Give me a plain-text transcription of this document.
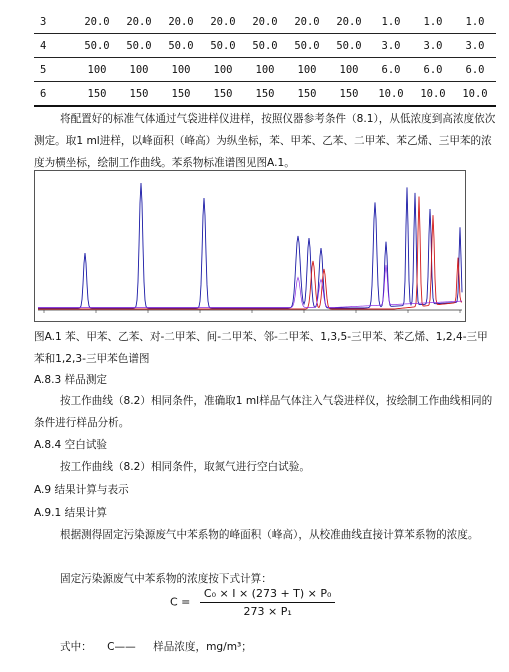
3	20.0	20.0	20.0	20.0	20.0	20.0	20.0	1.0	1.0	1.0
4	50.0	50.0	50.0	50.0	50.0	50.0	50.0	3.0	3.0	3.0
5	100	100	100	100	100	100	100	6.0	6.0	6.0
6	150	150	150	150	150	150	150	10.0	10.0	10.0
将配置好的标准气体通过气袋进样仪进样，按照仪器参考条件（8.1），从低浓度到高浓度依次测定。取1 ml进样，以峰面积（峰高）为纵坐标，苯、甲苯、乙苯、二甲苯、苯乙烯、三甲苯的浓度为横坐标，绘制工作曲线。苯系物标准谱图见图A.1。
图A.1 苯、甲苯、乙苯、对-二甲苯、间-二甲苯、邻-二甲苯、1,3,5-三甲苯、苯乙烯、1,2,4-三甲苯和1,2,3-三甲苯色谱图
A.8.3 样品测定
按工作曲线（8.2）相同条件，准确取1 ml样品气体注入气袋进样仪，按绘制工作曲线相同的条件进行样品分析。
A.8.4 空白试验
按工作曲线（8.2）相同条件，取氮气进行空白试验。
A.9 结果计算与表示
A.9.1 结果计算
根据测得固定污染源废气中苯系物的峰面积（峰高），从校准曲线直接计算苯系物的浓度。
固定污染源废气中苯系物的浓度按下式计算：
$C = \frac{\text{C₀ × I × (273 + T) × P₀}}{\text{273 × P₁}}$
式中： C—— 样品浓度，mg/m³；
